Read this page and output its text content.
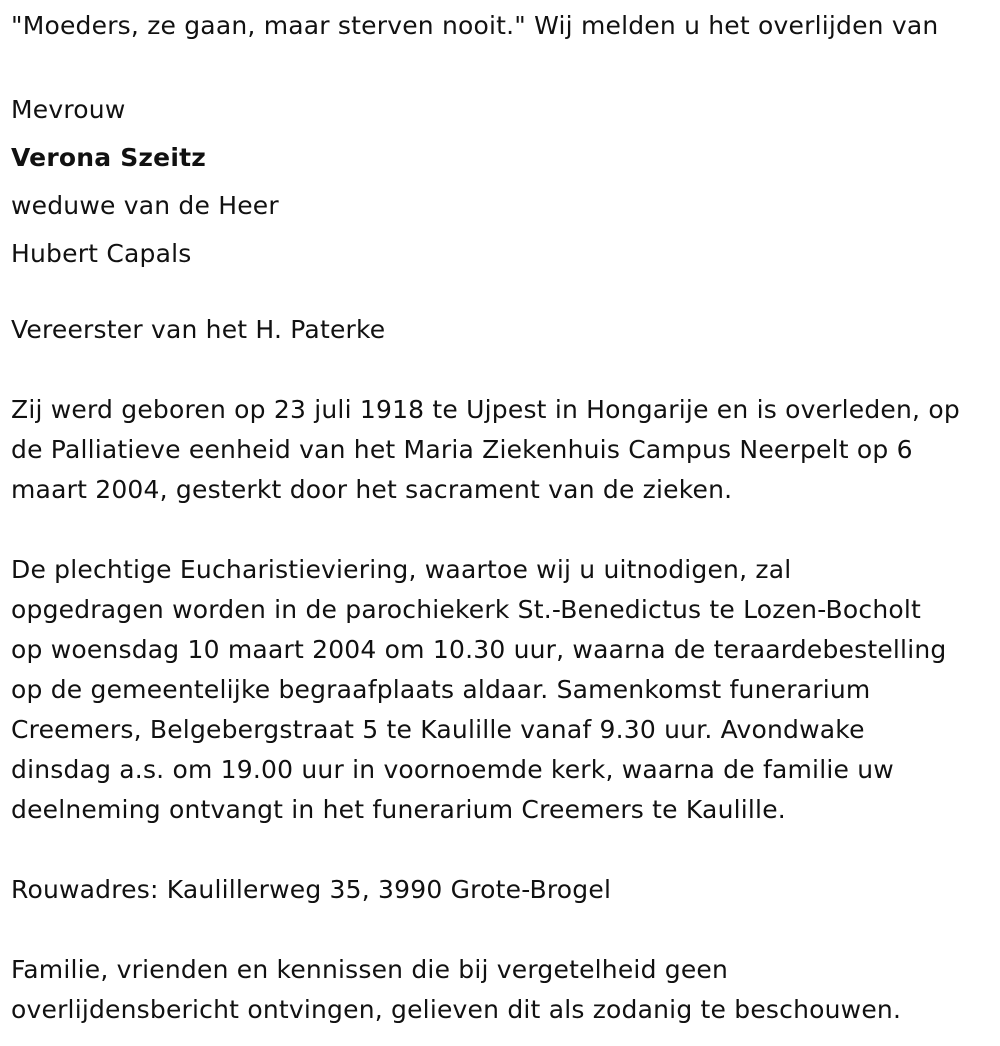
"Moeders, ze gaan, maar sterven nooit." Wij melden u het overlijden van

Mevrouw

Verona Szeitz

weduwe van de Heer

Hubert Capals

Vereerster van het H. Paterke

Zij werd geboren op 23 juli 1918 te Ujpest in Hongarije en is overleden, op
de Palliatieve eenheid van het Maria Ziekenhuis Campus Neerpelt op 6
maart 2004, gesterkt door het sacrament van de zieken.

De plechtige Eucharistieviering, waartoe wij u uitnodigen, zal
opgedragen worden in de parochiekerk St.-Benedictus te Lozen-Bocholt
op woensdag 10 maart 2004 om 10.30 uur, waarna de teraardebestelling
op de gemeentelijke begraafplaats aldaar. Samenkomst funerarium
Creemers, Belgebergstraat 5 te Kaulille vanaf 9.30 uur. Avondwake
dinsdag a.s. om 19.00 uur in voornoemde kerk, waarna de familie uw
deelneming ontvangt in het funerarium Creemers te Kaulille.

Rouwadres: Kaulillerweg 35, 3990 Grote-Brogel

Familie, vrienden en kennissen die bij vergetelheid geen
overlijdensbericht ontvingen, gelieven dit als zodanig te beschouwen.
